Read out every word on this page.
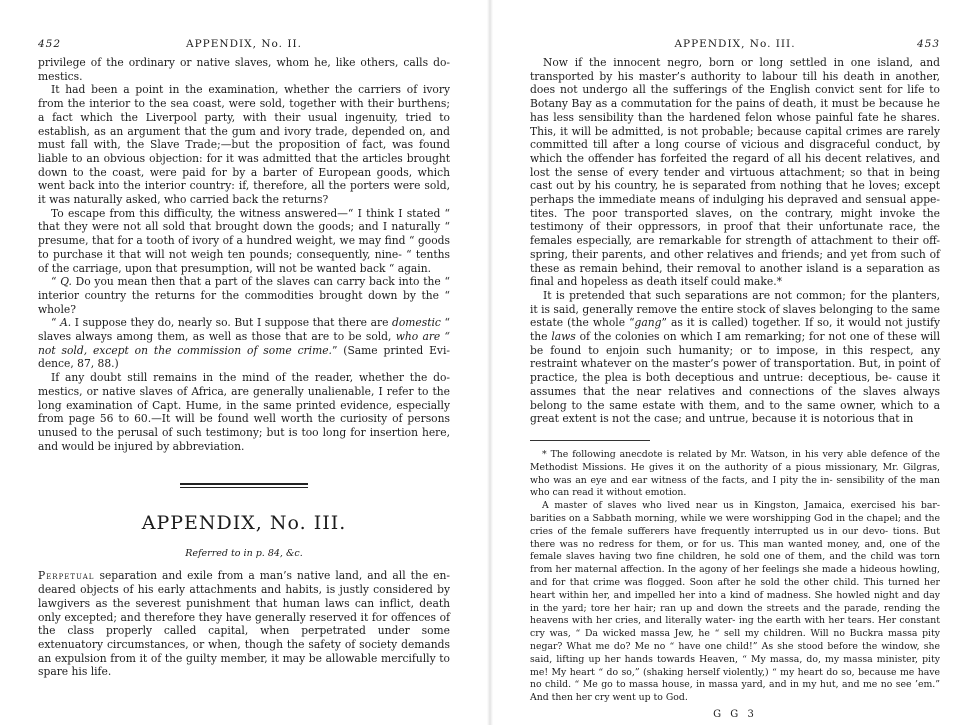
452	APPENDIX, No. II.

privilege of the ordinary or native slaves, whom he, like others, calls do- mestics.

It had been a point in the examination, whether the carriers of ivory from the interior to the sea coast, were sold, together with their burthens; a fact which the Liverpool party, with their usual ingenuity, tried to establish, as an argument that the gum and ivory trade, depended on, and must fall with, the Slave Trade;—but the proposition of fact, was found liable to an obvious objection: for it was admitted that the articles brought down to the coast, were paid for by a barter of European goods, which went back into the interior country: if, therefore, all the porters were sold, it was naturally asked, who carried back the returns?

To escape from this difficulty, the witness answered—“ I think I stated “ that they were not all sold that brought down the goods; and I naturally “ presume, that for a tooth of ivory of a hundred weight, we may find “ goods to purchase it that will not weigh ten pounds; consequently, nine- “ tenths of the carriage, upon that presumption, will not be wanted back “ again.

“ Q. Do you mean then that a part of the slaves can carry back into the “ interior country the returns for the commodities brought down by the “ whole?

“ A. I suppose they do, nearly so. But I suppose that there are domestic “ slaves always among them, as well as those that are to be sold, who are “ not sold, except on the commission of some crime.” (Same printed Evi- dence, 87, 88.)

If any doubt still remains in the mind of the reader, whether the do- mestics, or native slaves of Africa, are generally unalienable, I refer to the long examination of Capt. Hume, in the same printed evidence, especially from page 56 to 60.—It will be found well worth the curiosity of persons unused to the perusal of such testimony; but is too long for insertion here, and would be injured by abbreviation.

APPENDIX, No. III.
Referred to in p. 84, &c.

Perpetual separation and exile from a man’s native land, and all the en- deared objects of his early attachments and habits, is justly considered by lawgivers as the severest punishment that human laws can inflict, death only excepted; and therefore they have generally reserved it for offences of the class properly called capital, when perpetrated under some extenuatory circumstances, or when, though the safety of society demands an expulsion from it of the guilty member, it may be allowable mercifully to spare his life.

APPENDIX, No. III.	453

Now if the innocent negro, born or long settled in one island, and transported by his master’s authority to labour till his death in another, does not undergo all the sufferings of the English convict sent for life to Botany Bay as a commutation for the pains of death, it must be because he has less sensibility than the hardened felon whose painful fate he shares. This, it will be admitted, is not probable; because capital crimes are rarely committed till after a long course of vicious and disgraceful conduct, by which the offender has forfeited the regard of all his decent relatives, and lost the sense of every tender and virtuous attachment; so that in being cast out by his country, he is separated from nothing that he loves; except perhaps the immediate means of indulging his depraved and sensual appe- tites. The poor transported slaves, on the contrary, might invoke the testimony of their oppressors, in proof that their unfortunate race, the females especially, are remarkable for strength of attachment to their off- spring, their parents, and other relatives and friends; and yet from such of these as remain behind, their removal to another island is a separation as final and hopeless as death itself could make.*

It is pretended that such separations are not common; for the planters, it is said, generally remove the entire stock of slaves belonging to the same estate (the whole “gang” as it is called) together. If so, it would not justify the laws of the colonies on which I am remarking; for not one of these will be found to enjoin such humanity; or to impose, in this respect, any restraint whatever on the master’s power of transportation. But, in point of practice, the plea is both deceptious and untrue: deceptious, be- cause it assumes that the near relatives and connections of the slaves always belong to the same estate with them, and to the same owner, which to a great extent is not the case; and untrue, because it is notorious that in

* The following anecdote is related by Mr. Watson, in his very able defence of the Methodist Missions. He gives it on the authority of a pious missionary, Mr. Gilgras, who was an eye and ear witness of the facts, and I pity the in- sensibility of the man who can read it without emotion.

A master of slaves who lived near us in Kingston, Jamaica, exercised his bar- barities on a Sabbath morning, while we were worshipping God in the chapel; and the cries of the female sufferers have frequently interrupted us in our devo- tions. But there was no redress for them, or for us. This man wanted money, and, one of the female slaves having two fine children, he sold one of them, and the child was torn from her maternal affection. In the agony of her feelings she made a hideous howling, and for that crime was flogged. Soon after he sold the other child. This turned her heart within her, and impelled her into a kind of madness. She howled night and day in the yard; tore her hair; ran up and down the streets and the parade, rending the heavens with her cries, and literally water- ing the earth with her tears. Her constant cry was, “ Da wicked massa Jew, he “ sell my children. Will no Buckra massa pity negar? What me do? Me no “ have one child!” As she stood before the window, she said, lifting up her hands towards Heaven, “ My massa, do, my massa minister, pity me! My heart “ do so,” (shaking herself violently,) “ my heart do so, because me have no child. “ Me go to massa house, in massa yard, and in my hut, and me no see ’em.” And then her cry went up to God.

G G 3
